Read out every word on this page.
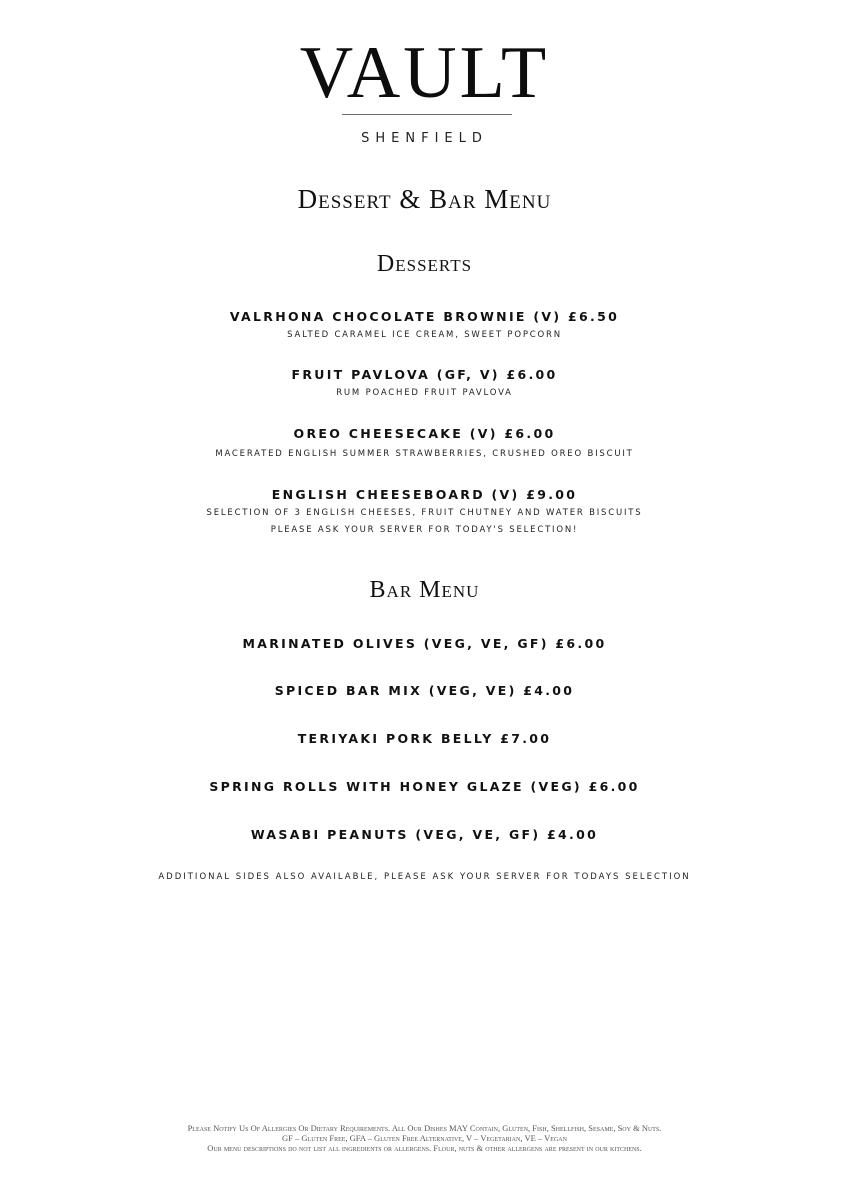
VAULT
SHENFIELD
Dessert & Bar Menu
Desserts
VALRHONA CHOCOLATE BROWNIE (V) £6.50
SALTED CARAMEL ICE CREAM, SWEET POPCORN
FRUIT PAVLOVA (GF, V) £6.00
RUM POACHED FRUIT PAVLOVA
OREO CHEESECAKE (V) £6.00
MACERATED ENGLISH SUMMER STRAWBERRIES, CRUSHED OREO BISCUIT
ENGLISH CHEESEBOARD (V) £9.00
SELECTION OF 3 ENGLISH CHEESES, FRUIT CHUTNEY AND WATER BISCUITS
PLEASE ASK YOUR SERVER FOR TODAY'S SELECTION!
Bar Menu
MARINATED OLIVES (VEG, VE, GF) £6.00
SPICED BAR MIX (VEG, VE) £4.00
TERIYAKI PORK BELLY £7.00
SPRING ROLLS WITH HONEY GLAZE (VEG) £6.00
WASABI PEANUTS (VEG, VE, GF) £4.00
ADDITIONAL SIDES ALSO AVAILABLE, PLEASE ASK YOUR SERVER FOR TODAYS SELECTION
Please Notify Us Of Allergies Or Dietary Requirements. All Our Dishes MAY Contain, Gluten, Fish, Shellfish, Sesame, Soy & Nuts.
GF – Gluten Free, GFA – Gluten Free Alternative, V – Vegetarian, VE – Vegan
Our menu descriptions do not list all ingredients or allergens. Flour, nuts & other allergens are present in our kitchens.
